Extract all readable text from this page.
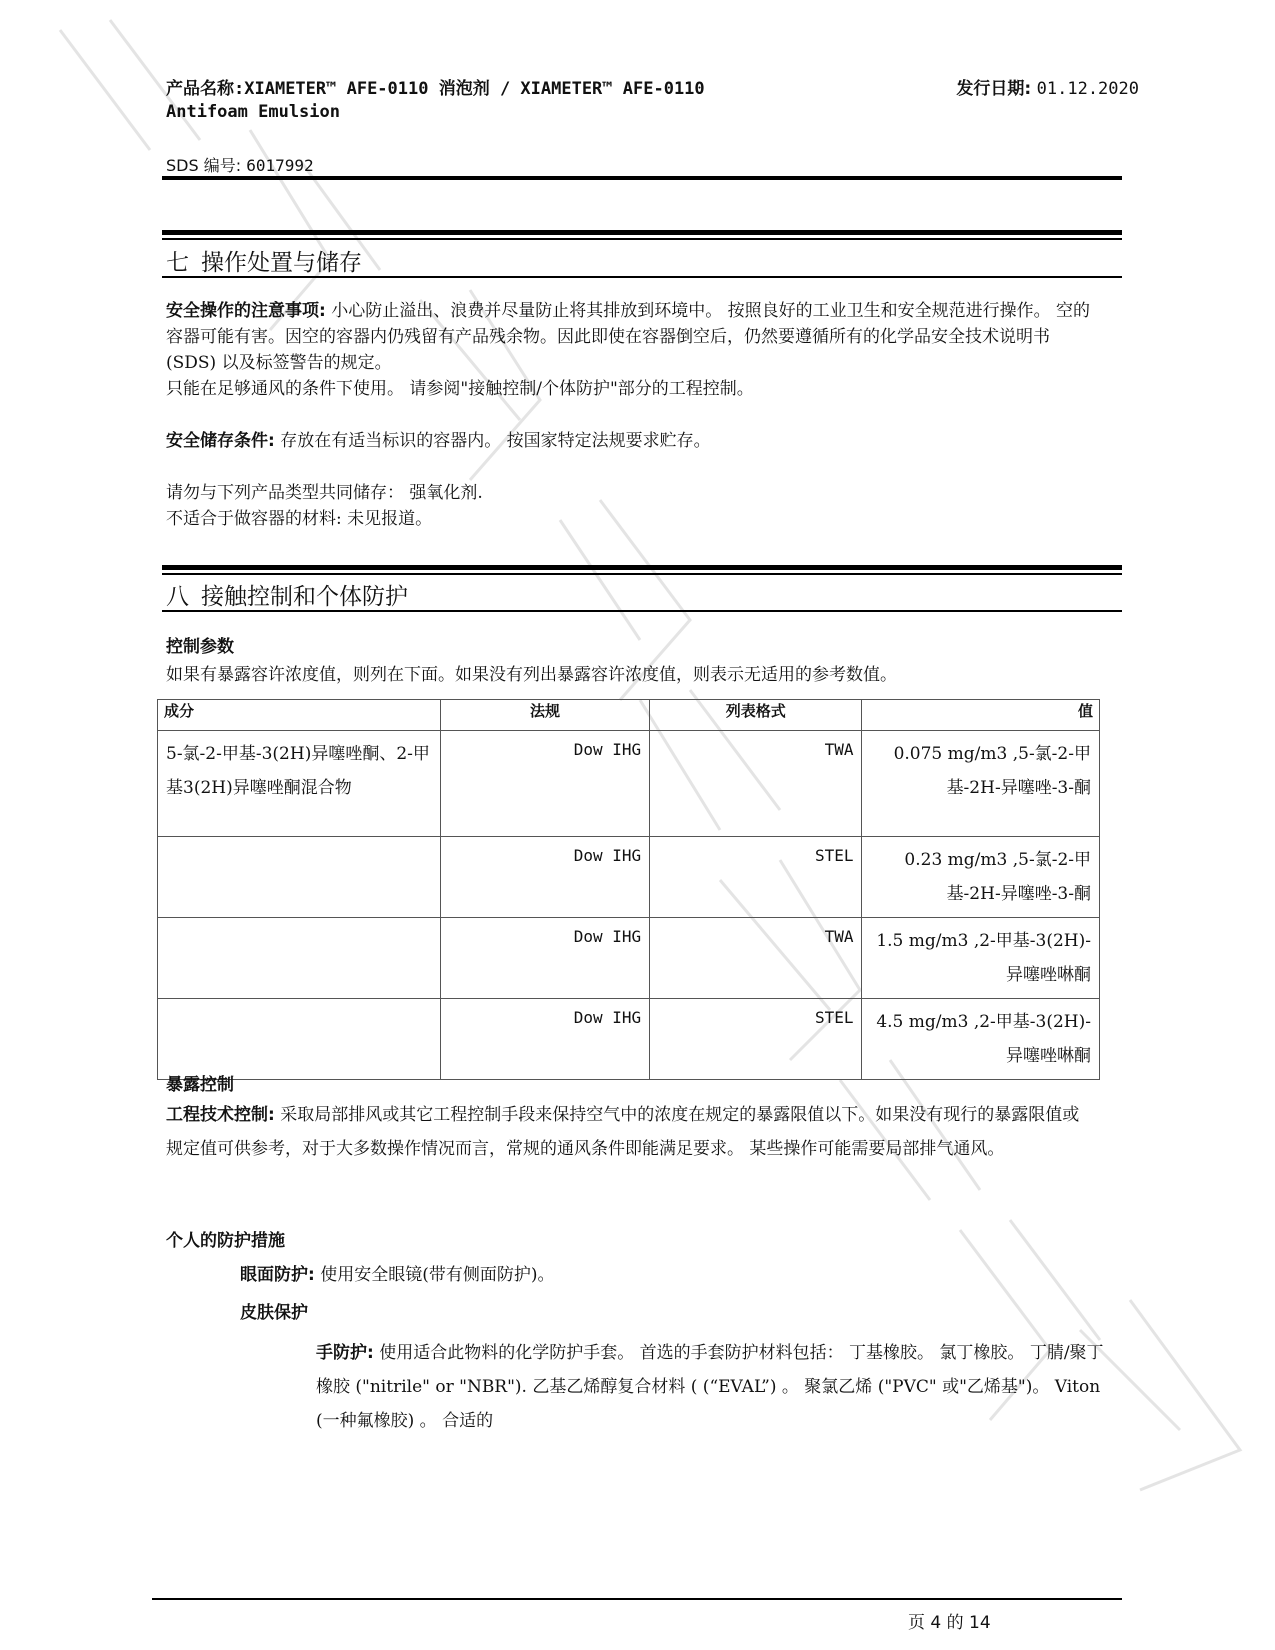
产品名称:XIAMETER™ AFE-0110 消泡剂 / XIAMETER™ AFE-0110
Antifoam Emulsion
发行日期: 01.12.2020
SDS 编号: 6017992
七 操作处置与储存
安全操作的注意事项: 小心防止溢出、浪费并尽量防止将其排放到环境中。 按照良好的工业卫生和安全规范进行操作。 空的容器可能有害。因空的容器内仍残留有产品残余物。因此即使在容器倒空后，仍然要遵循所有的化学品安全技术说明书 (SDS) 以及标签警告的规定。
只能在足够通风的条件下使用。 请参阅"接触控制/个体防护"部分的工程控制。
安全储存条件: 存放在有适当标识的容器内。 按国家特定法规要求贮存。
请勿与下列产品类型共同储存： 强氧化剂.
不适合于做容器的材料: 未见报道。
八 接触控制和个体防护
控制参数
如果有暴露容许浓度值，则列在下面。如果没有列出暴露容许浓度值，则表示无适用的参考数值。
成分	法规	列表格式	值
5-氯-2-甲基-3(2H)异噻唑酮、2-甲基3(2H)异噻唑酮混合物	Dow IHG	TWA	0.075 mg/m3 ,5-氯-2-甲基-2H-异噻唑-3-酮
	Dow IHG	STEL	0.23 mg/m3 ,5-氯-2-甲基-2H-异噻唑-3-酮
	Dow IHG	TWA	1.5 mg/m3 ,2-甲基-3(2H)-异噻唑啉酮
	Dow IHG	STEL	4.5 mg/m3 ,2-甲基-3(2H)-异噻唑啉酮
暴露控制
工程技术控制: 采取局部排风或其它工程控制手段来保持空气中的浓度在规定的暴露限值以下。如果没有现行的暴露限值或规定值可供参考，对于大多数操作情况而言，常规的通风条件即能满足要求。 某些操作可能需要局部排气通风。
个人的防护措施
眼面防护: 使用安全眼镜(带有侧面防护)。
皮肤保护
手防护: 使用适合此物料的化学防护手套。 首选的手套防护材料包括： 丁基橡胶。 氯丁橡胶。 丁腈/聚丁橡胶 ("nitrile" or "NBR"). 乙基乙烯醇复合材料 ( (“EVAL”) 。 聚氯乙烯 ("PVC" 或"乙烯基")。 Viton (一种氟橡胶) 。 合适的
页 4 的 14
